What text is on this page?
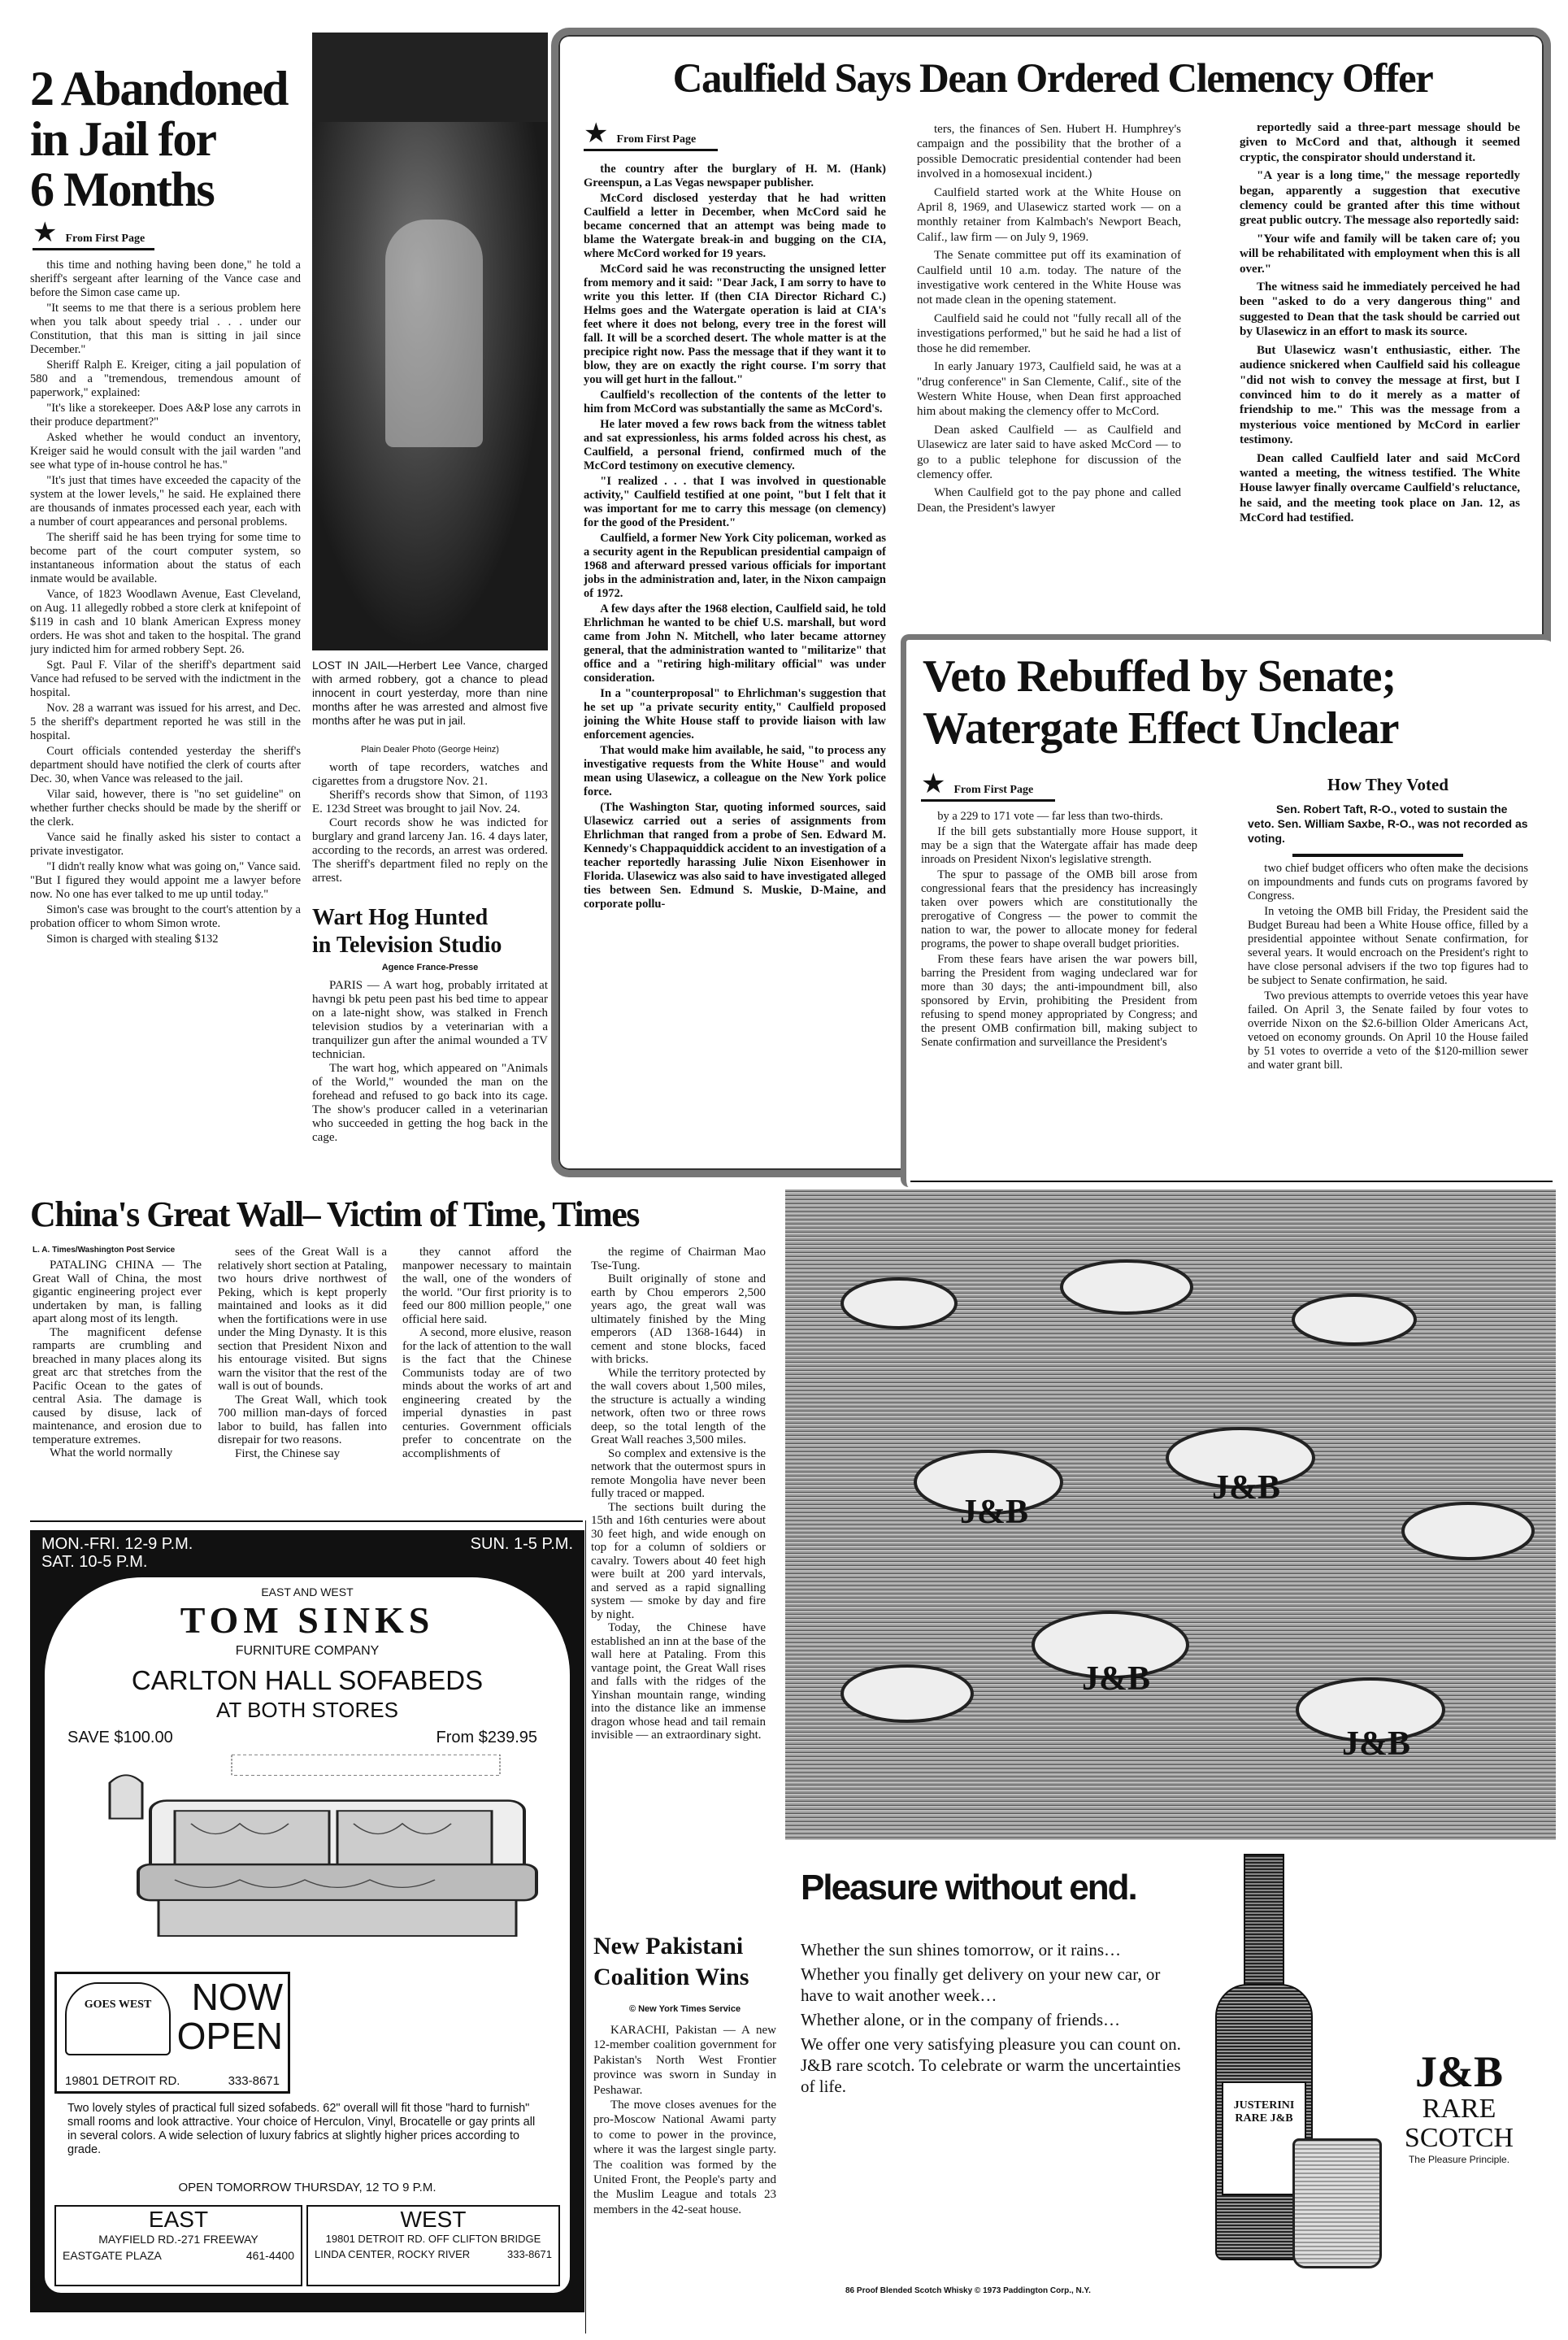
2 Abandoned
in Jail for
6 Months
★ From First Page

this time and nothing having been done," he told a sheriff's sergeant after learning of the Vance case and before the Simon case came up.

"It seems to me that there is a serious problem here when you talk about speedy trial . . . under our Constitution, that this man is sitting in jail since December."

Sheriff Ralph E. Kreiger, citing a jail population of 580 and a "tremendous, tremendous amount of paperwork," explained:

"It's like a storekeeper. Does A&P lose any carrots in their produce department?"

Asked whether he would conduct an inventory, Kreiger said he would consult with the jail warden "and see what type of in-house control he has."

"It's just that times have exceeded the capacity of the system at the lower levels," he said. He explained there are thousands of inmates processed each year, each with a number of court appearances and personal problems.

The sheriff said he has been trying for some time to become part of the court computer system, so instantaneous information about the status of each inmate would be available.

Vance, of 1823 Woodlawn Avenue, East Cleveland, on Aug. 11 allegedly robbed a store clerk at knifepoint of $119 in cash and 10 blank American Express money orders. He was shot and taken to the hospital. The grand jury indicted him for armed robbery Sept. 26.

Sgt. Paul F. Vilar of the sheriff's department said Vance had refused to be served with the indictment in the hospital.

Nov. 28 a warrant was issued for his arrest, and Dec. 5 the sheriff's department reported he was still in the hospital.

Court officials contended yesterday the sheriff's department should have notified the clerk of courts after Dec. 30, when Vance was released to the jail.

Vilar said, however, there is "no set guideline" on whether further checks should be made by the sheriff or the clerk.

Vance said he finally asked his sister to contact a private investigator.

"I didn't really know what was going on," Vance said. "But I figured they would appoint me a lawyer before now. No one has ever talked to me up until today."

Simon's case was brought to the court's attention by a probation officer to whom Simon wrote.

Simon is charged with stealing $132

LOST IN JAIL—Herbert Lee Vance, charged with armed robbery, got a chance to plead innocent in court yesterday, more than nine months after he was arrested and almost five months after he was put in jail.

Plain Dealer Photo (George Heinz)

worth of tape recorders, watches and cigarettes from a drugstore Nov. 21.

Sheriff's records show that Simon, of 1193 E. 123d Street was brought to jail Nov. 24.

Court records show he was indicted for burglary and grand larceny Jan. 16. 4 days later, according to the records, an arrest was ordered. The sheriff's department filed no reply on the arrest.

Wart Hog Hunted
in Television Studio
Agence France-Presse

PARIS — A wart hog, probably irritated at havngi bk petu peen past his bed time to appear on a late-night show, was stalked in French television studios by a veterinarian with a tranquilizer gun after the animal wounded a TV technician.

The wart hog, which appeared on "Animals of the World," wounded the man on the forehead and refused to go back into its cage. The show's producer called in a veterinarian who succeeded in getting the hog back in the cage.

Caulfield Says Dean Ordered Clemency Offer
★ From First Page

the country after the burglary of H. M. (Hank) Greenspun, a Las Vegas newspaper publisher.

McCord disclosed yesterday that he had written Caulfield a letter in December, when McCord said he became concerned that an attempt was being made to blame the Watergate break-in and bugging on the CIA, where McCord worked for 19 years.

McCord said he was reconstructing the unsigned letter from memory and it said: "Dear Jack, I am sorry to have to write you this letter. If (then CIA Director Richard C.) Helms goes and the Watergate operation is laid at CIA's feet where it does not belong, every tree in the forest will fall. It will be a scorched desert. The whole matter is at the precipice right now. Pass the message that if they want it to blow, they are on exactly the right course. I'm sorry that you will get hurt in the fallout."

Caulfield's recollection of the contents of the letter to him from McCord was substantially the same as McCord's.

He later moved a few rows back from the witness tablet and sat expressionless, his arms folded across his chest, as Caulfield, a personal friend, confirmed much of the McCord testimony on executive clemency.

"I realized . . . that I was involved in questionable activity," Caulfield testified at one point, "but I felt that it was important for me to carry this message (on clemency) for the good of the President."

Caulfield, a former New York City policeman, worked as a security agent in the Republican presidential campaign of 1968 and afterward pressed various officials for important jobs in the administration and, later, in the Nixon campaign of 1972.

A few days after the 1968 election, Caulfield said, he told Ehrlichman he wanted to be chief U.S. marshall, but word came from John N. Mitchell, who later became attorney general, that the administration wanted to "militarize" that office and a "retiring high-military official" was under consideration.

In a "counterproposal" to Ehrlichman's suggestion that he set up "a private security entity," Caulfield proposed joining the White House staff to provide liaison with law enforcement agencies.

That would make him available, he said, "to process any investigative requests from the White House" and would mean using Ulasewicz, a colleague on the New York police force.

(The Washington Star, quoting informed sources, said Ulasewicz carried out a series of assignments from Ehrlichman that ranged from a probe of Sen. Edward M. Kennedy's Chappaquiddick accident to an investigation of a teacher reportedly harassing Julie Nixon Eisenhower in Florida. Ulasewicz was also said to have investigated alleged ties between Sen. Edmund S. Muskie, D-Maine, and corporate pollu-

ters, the finances of Sen. Hubert H. Humphrey's campaign and the possibility that the brother of a possible Democratic presidential contender had been involved in a homosexual incident.)

Caulfield started work at the White House on April 8, 1969, and Ulasewicz started work — on a monthly retainer from Kalmbach's Newport Beach, Calif., law firm — on July 9, 1969.

The Senate committee put off its examination of Caulfield until 10 a.m. today. The nature of the investigative work centered in the White House was not made clean in the opening statement.

Caulfield said he could not "fully recall all of the investigations performed," but he said he had a list of those he did remember.

In early January 1973, Caulfield said, he was at a "drug conference" in San Clemente, Calif., site of the Western White House, when Dean first approached him about making the clemency offer to McCord.

Dean asked Caulfield — as Caulfield and Ulasewicz are later said to have asked McCord — to go to a public telephone for discussion of the clemency offer.

When Caulfield got to the pay phone and called Dean, the President's lawyer

reportedly said a three-part message should be given to McCord and that, although it seemed cryptic, the conspirator should understand it.

"A year is a long time," the message reportedly began, apparently a suggestion that executive clemency could be granted after this time without great public outcry. The message also reportedly said:

"Your wife and family will be taken care of; you will be rehabilitated with employment when this is all over."

The witness said he immediately perceived he had been "asked to do a very dangerous thing" and suggested to Dean that the task should be carried out by Ulasewicz in an effort to mask its source.

But Ulasewicz wasn't enthusiastic, either. The audience snickered when Caulfield said his colleague "did not wish to convey the message at first, but I convinced him to do it merely as a matter of friendship to me." This was the message from a mysterious voice mentioned by McCord in earlier testimony.

Dean called Caulfield later and said McCord wanted a meeting, the witness testified. The White House lawyer finally overcame Caulfield's reluctance, he said, and the meeting took place on Jan. 12, as McCord had testified.

Veto Rebuffed by Senate;
Watergate Effect Unclear
★ From First Page

by a 229 to 171 vote — far less than two-thirds.

If the bill gets substantially more House support, it may be a sign that the Watergate affair has made deep inroads on President Nixon's legislative strength.

The spur to passage of the OMB bill arose from congressional fears that the presidency has increasingly taken over powers which are constitutionally the prerogative of Congress — the power to commit the nation to war, the power to allocate money for federal programs, the power to shape overall budget priorities.

From these fears have arisen the war powers bill, barring the President from waging undeclared war for more than 30 days; the anti-impoundment bill, also sponsored by Ervin, prohibiting the President from refusing to spend money appropriated by Congress; and the present OMB confirmation bill, making subject to Senate confirmation and surveillance the President's

How They Voted
Sen. Robert Taft, R-O., voted to sustain the veto. Sen. William Saxbe, R-O., was not recorded as voting.

two chief budget officers who often make the decisions on impoundments and funds cuts on programs favored by Congress.

In vetoing the OMB bill Friday, the President said the Budget Bureau had been a White House office, filled by a presidential appointee without Senate confirmation, for several years. It would encroach on the President's right to have close personal advisers if the two top figures had to be subject to Senate confirmation, he said.

Two previous attempts to override vetoes this year have failed. On April 3, the Senate failed by four votes to override Nixon on the $2.6-billion Older Americans Act, vetoed on economy grounds. On April 10 the House failed by 51 votes to override a veto of the $120-million sewer and water grant bill.

China's Great Wall– Victim of Time, Times
L. A. Times/Washington Post Service

PATALING CHINA — The Great Wall of China, the most gigantic engineering project ever undertaken by man, is falling apart along most of its length.

The magnificent defense ramparts are crumbling and breached in many places along its great arc that stretches from the Pacific Ocean to the gates of central Asia. The damage is caused by disuse, lack of maintenance, and erosion due to temperature extremes.

What the world normally

sees of the Great Wall is a relatively short section at Pataling, two hours drive northwest of Peking, which is kept properly maintained and looks as it did when the fortifications were in use under the Ming Dynasty. It is this section that President Nixon and his entourage visited. But signs warn the visitor that the rest of the wall is out of bounds.

The Great Wall, which took 700 million man-days of forced labor to build, has fallen into disrepair for two reasons.

First, the Chinese say

they cannot afford the manpower necessary to maintain the wall, one of the wonders of the world. "Our first priority is to feed our 800 million people," one official here said.

A second, more elusive, reason for the lack of attention to the wall is the fact that the Chinese Communists today are of two minds about the works of art and engineering created by the imperial dynasties in past centuries. Government officials prefer to concentrate on the accomplishments of

the regime of Chairman Mao Tse-Tung.

Built originally of stone and earth by Chou emperors 2,500 years ago, the great wall was ultimately finished by the Ming emperors (AD 1368-1644) in cement and stone blocks, faced with bricks.

While the territory protected by the wall covers about 1,500 miles, the structure is actually a winding network, often two or three rows deep, so the total length of the Great Wall reaches 3,500 miles.

So complex and extensive is the network that the outermost spurs in remote Mongolia have never been fully traced or mapped.

The sections built during the 15th and 16th centuries were about 30 feet high, and wide enough on top for a column of soldiers or cavalry. Towers about 40 feet high were built at 200 yard intervals, and served as a rapid signalling system — smoke by day and fire by night.

Today, the Chinese have established an inn at the base of the wall here at Pataling. From this vantage point, the Great Wall rises and falls with the ridges of the Yinshan mountain range, winding into the distance like an immense dragon whose head and tail remain invisible — an extraordinary sight.

New Pakistani
Coalition Wins
© New York Times Service

KARACHI, Pakistan — A new 12-member coalition government for Pakistan's North West Frontier province was sworn in Sunday in Peshawar.

The move closes avenues for the pro-Moscow National Awami party to come to power in the province, where it was the largest single party. The coalition was formed by the United Front, the People's party and the Muslim League and totals 23 members in the 42-seat house.

MON.-FRI. 12-9 P.M.
SAT. 10-5 P.M.
SUN. 1-5 P.M.
EAST AND WEST
TOM SINKS
FURNITURE COMPANY
CARLTON HALL SOFABEDS
AT BOTH STORES
SAVE $100.00	From $239.95
GOES WEST	NOW
OPEN
19801 DETROIT RD.	333-8671
Two lovely styles of practical full sized sofabeds. 62" overall will fit those "hard to furnish" small rooms and look attractive. Your choice of Herculon, Vinyl, Brocatelle or gay prints all in several colors. A wide selection of luxury fabrics at slightly higher prices according to grade.
OPEN TOMORROW THURSDAY, 12 TO 9 P.M.
EAST
MAYFIELD RD.-271 FREEWAY
EASTGATE PLAZA	461-4400
WEST
19801 DETROIT RD. OFF CLIFTON BRIDGE
LINDA CENTER, ROCKY RIVER	333-8671
J&B
J&B
J&B
J&B
Pleasure without end.
Whether the sun shines tomorrow, or it rains…
Whether you finally get delivery on your new car, or have to wait another week…
Whether alone, or in the company of friends…
We offer one very satisfying pleasure you can count on. J&B rare scotch. To celebrate or warm the uncertainties of life.
JUSTERINI RARE J&B
J&B
RARE
SCOTCH
The Pleasure Principle.
86 Proof Blended Scotch Whisky © 1973 Paddington Corp., N.Y.
